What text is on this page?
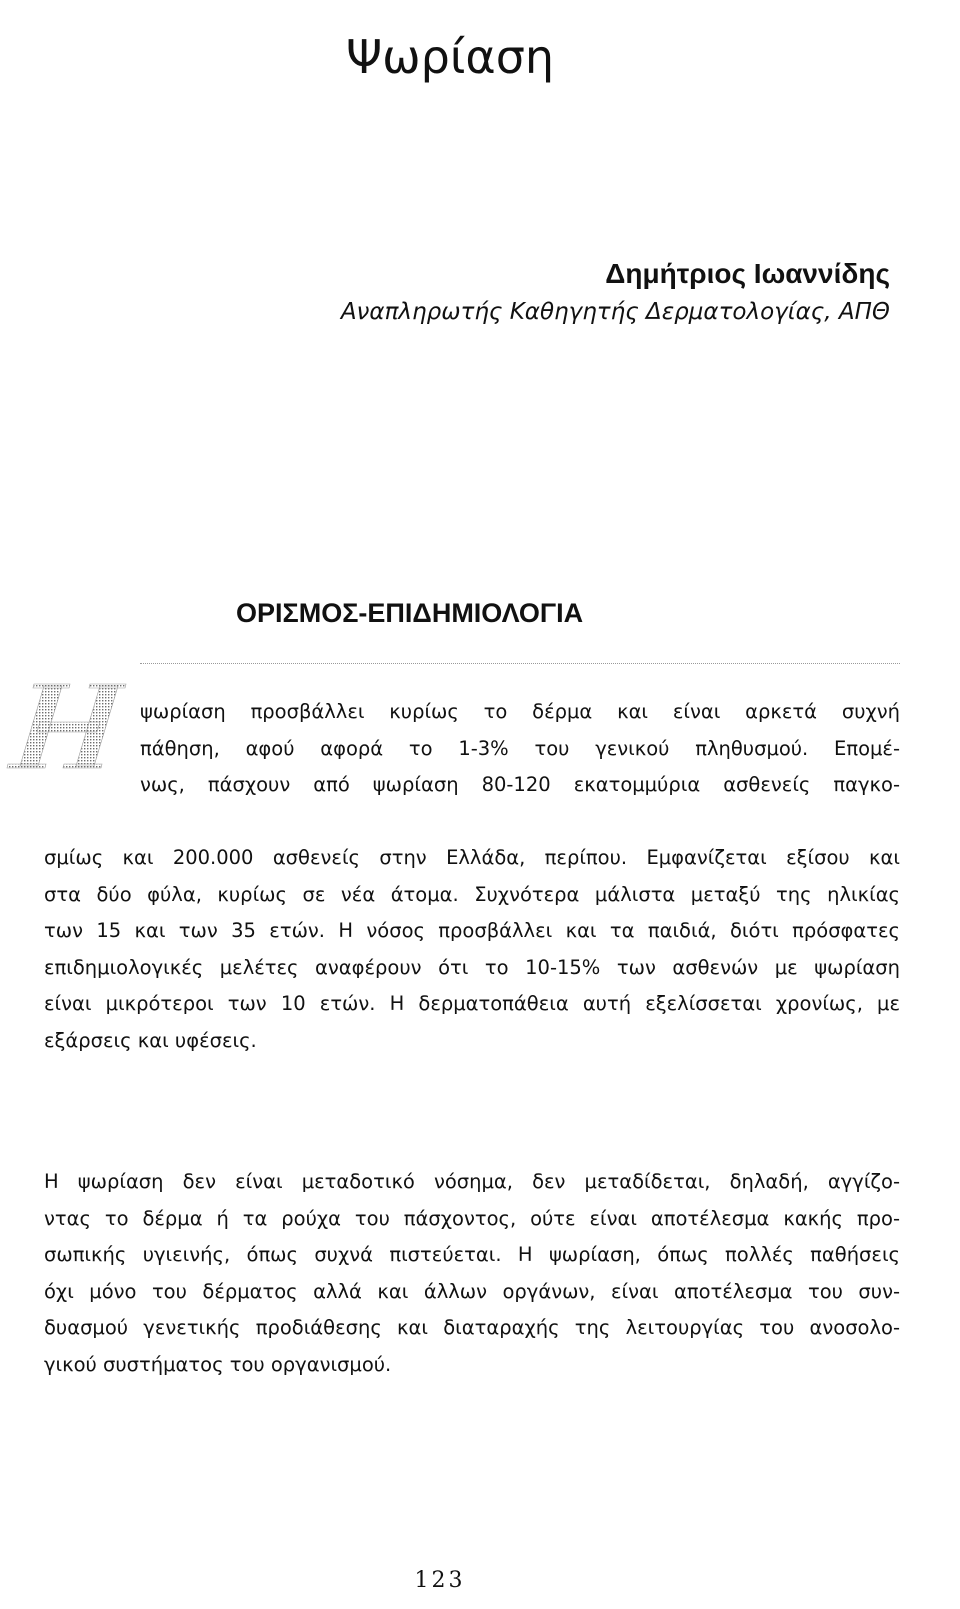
Ψωρίαση
Δημήτριος Ιωαννίδης
Αναπληρωτής Καθηγητής Δερματολογίας, ΑΠΘ
ΟΡΙΣΜΟΣ-ΕΠΙΔΗΜΙΟΛΟΓΙΑ
Η
ψωρίαση προσβάλλει κυρίως το δέρμα και είναι αρκετά συχνή
πάθηση, αφού αφορά το 1-3% του γενικού πληθυσμού. Επομέ-
νως, πάσχουν από ψωρίαση 80-120 εκατομμύρια ασθενείς παγκο-
σμίως και 200.000 ασθενείς στην Ελλάδα, περίπου. Εμφανίζεται εξίσου και
στα δύο φύλα, κυρίως σε νέα άτομα. Συχνότερα μάλιστα μεταξύ της ηλικίας
των 15 και των 35 ετών. Η νόσος προσβάλλει και τα παιδιά, διότι πρόσφατες
επιδημιολογικές μελέτες αναφέρουν ότι το 10-15% των ασθενών με ψωρίαση
είναι μικρότεροι των 10 ετών. Η δερματοπάθεια αυτή εξελίσσεται χρονίως, με
εξάρσεις και υφέσεις.
Η ψωρίαση δεν είναι μεταδοτικό νόσημα, δεν μεταδίδεται, δηλαδή, αγγίζο-
ντας το δέρμα ή τα ρούχα του πάσχοντος, ούτε είναι αποτέλεσμα κακής προ-
σωπικής υγιεινής, όπως συχνά πιστεύεται. Η ψωρίαση, όπως πολλές παθήσεις
όχι μόνο του δέρματος αλλά και άλλων οργάνων, είναι αποτέλεσμα του συν-
δυασμού γενετικής προδιάθεσης και διαταραχής της λειτουργίας του ανοσολο-
γικού συστήματος του οργανισμού.
123
